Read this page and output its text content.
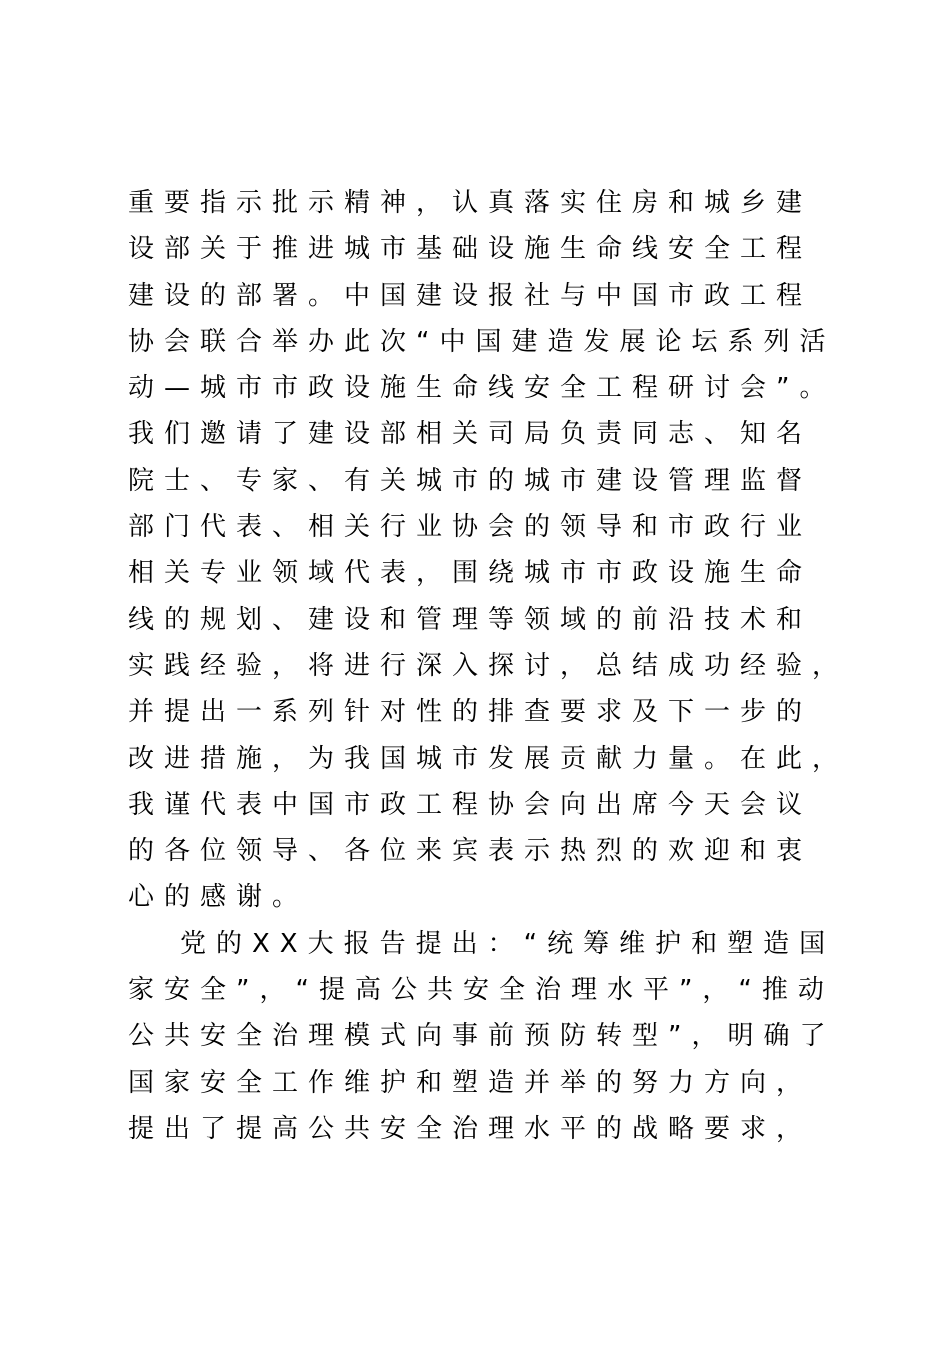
重要指示批示精神，认真落实住房和城乡建
设部关于推进城市基础设施生命线安全工程
建设的部署。中国建设报社与中国市政工程
协会联合举办此次“中国建造发展论坛系列活
动—城市市政设施生命线安全工程研讨会”。
我们邀请了建设部相关司局负责同志、知名
院士、专家、有关城市的城市建设管理监督
部门代表、相关行业协会的领导和市政行业
相关专业领域代表，围绕城市市政设施生命
线的规划、建设和管理等领域的前沿技术和
实践经验，将进行深入探讨，总结成功经验，
并提出一系列针对性的排查要求及下一步的
改进措施，为我国城市发展贡献力量。在此，
我谨代表中国市政工程协会向出席今天会议
的各位领导、各位来宾表示热烈的欢迎和衷
心的感谢。
党的XX大报告提出：“统筹维护和塑造国
家安全”，“提高公共安全治理水平”，“推动
公共安全治理模式向事前预防转型”，明确了
国家安全工作维护和塑造并举的努力方向，
提出了提高公共安全治理水平的战略要求，
